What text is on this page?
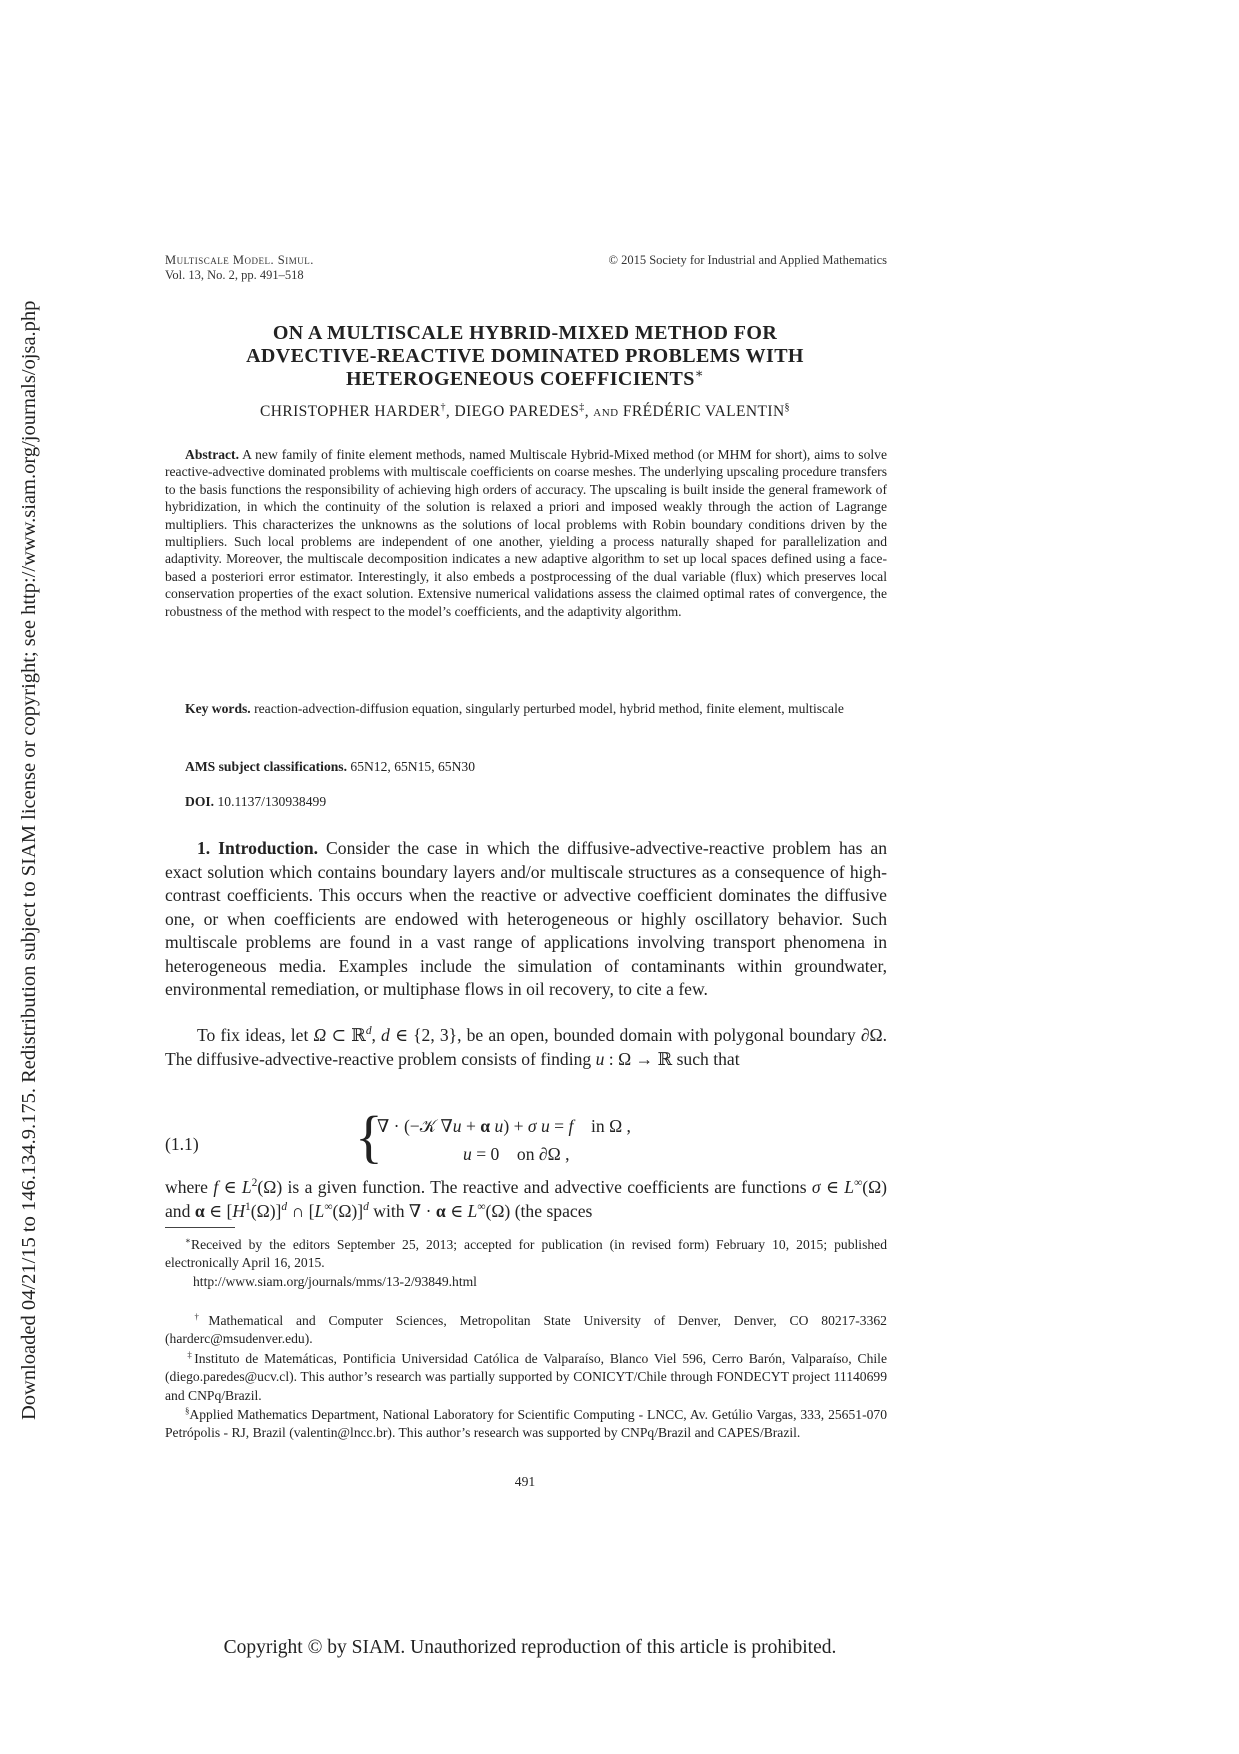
Downloaded 04/21/15 to 146.134.9.175. Redistribution subject to SIAM license or copyright; see http://www.siam.org/journals/ojsa.php
Multiscale Model. Simul.
Vol. 13, No. 2, pp. 491–518
© 2015 Society for Industrial and Applied Mathematics
ON A MULTISCALE HYBRID-MIXED METHOD FOR
ADVECTIVE-REACTIVE DOMINATED PROBLEMS WITH
HETEROGENEOUS COEFFICIENTS∗
CHRISTOPHER HARDER†, DIEGO PAREDES‡, and FRÉDÉRIC VALENTIN§
Abstract. A new family of finite element methods, named Multiscale Hybrid-Mixed method (or MHM for short), aims to solve reactive-advective dominated problems with multiscale coefficients on coarse meshes. The underlying upscaling procedure transfers to the basis functions the responsibility of achieving high orders of accuracy. The upscaling is built inside the general framework of hybridization, in which the continuity of the solution is relaxed a priori and imposed weakly through the action of Lagrange multipliers. This characterizes the unknowns as the solutions of local problems with Robin boundary conditions driven by the multipliers. Such local problems are independent of one another, yielding a process naturally shaped for parallelization and adaptivity. Moreover, the multiscale decomposition indicates a new adaptive algorithm to set up local spaces defined using a face-based a posteriori error estimator. Interestingly, it also embeds a postprocessing of the dual variable (flux) which preserves local conservation properties of the exact solution. Extensive numerical validations assess the claimed optimal rates of convergence, the robustness of the method with respect to the model’s coefficients, and the adaptivity algorithm.
Key words. reaction-advection-diffusion equation, singularly perturbed model, hybrid method, finite element, multiscale
AMS subject classifications. 65N12, 65N15, 65N30
DOI. 10.1137/130938499
1. Introduction. Consider the case in which the diffusive-advective-reactive problem has an exact solution which contains boundary layers and/or multiscale structures as a consequence of high-contrast coefficients. This occurs when the reactive or advective coefficient dominates the diffusive one, or when coefficients are endowed with heterogeneous or highly oscillatory behavior. Such multiscale problems are found in a vast range of applications involving transport phenomena in heterogeneous media. Examples include the simulation of contaminants within groundwater, environmental remediation, or multiphase flows in oil recovery, to cite a few.
To fix ideas, let Ω ⊂ ℝ$^d$, d ∈ {2, 3}, be an open, bounded domain with polygonal boundary ∂Ω. The diffusive-advective-reactive problem consists of finding u : Ω → ℝ such that
(1.1)	{
∇ · (−𝒦 ∇u + α u) + σ u = f in Ω ,
u = 0    on ∂Ω ,
where f ∈ $L^2(\Omega)$ is a given function. The reactive and advective coefficients are functions σ ∈ L∞(Ω) and α ∈ $[H^1(\Omega)]^d$ ∩ $[L^\infty(\Omega)]^d$ with ∇ · α ∈ L∞(Ω) (the spaces
∗Received by the editors September 25, 2013; accepted for publication (in revised form) February 10, 2015; published electronically April 16, 2015.
http://www.siam.org/journals/mms/13-2/93849.html
†Mathematical and Computer Sciences, Metropolitan State University of Denver, Denver, CO 80217-3362 (harderc@msudenver.edu).
‡Instituto de Matemáticas, Pontificia Universidad Católica de Valparaíso, Blanco Viel 596, Cerro Barón, Valparaíso, Chile (diego.paredes@ucv.cl). This author’s research was partially supported by CONICYT/Chile through FONDECYT project 11140699 and CNPq/Brazil.
§Applied Mathematics Department, National Laboratory for Scientific Computing - LNCC, Av. Getúlio Vargas, 333, 25651-070 Petrópolis - RJ, Brazil (valentin@lncc.br). This author’s research was supported by CNPq/Brazil and CAPES/Brazil.
491
Copyright © by SIAM. Unauthorized reproduction of this article is prohibited.
